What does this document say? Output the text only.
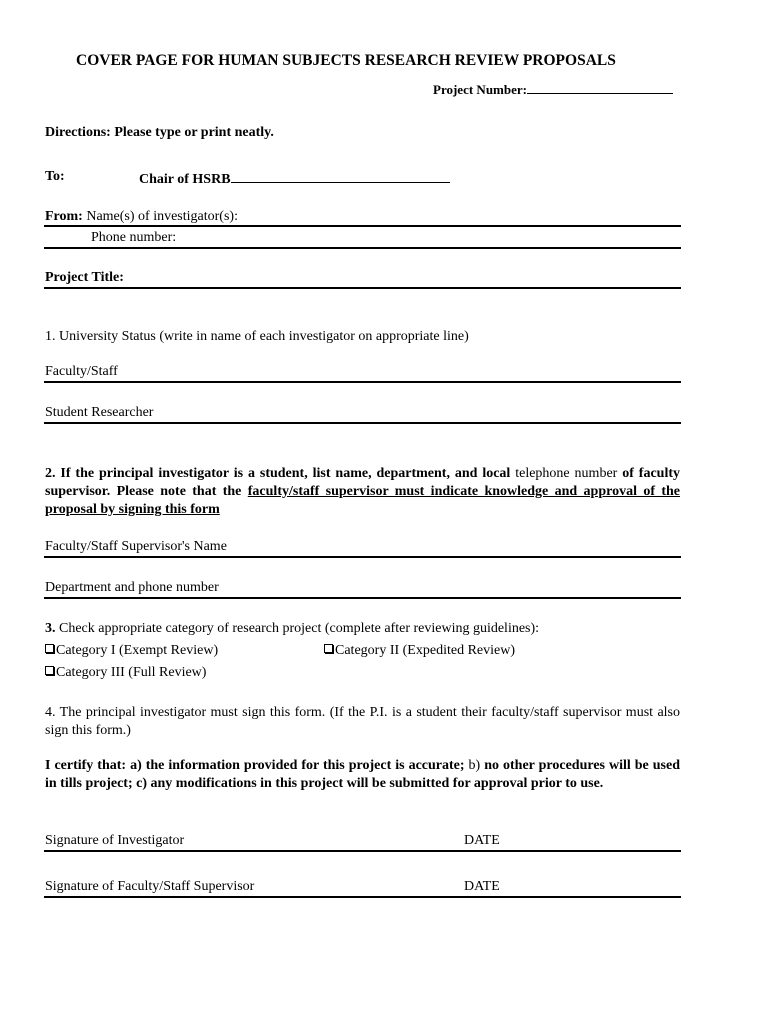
COVER PAGE FOR HUMAN SUBJECTS RESEARCH REVIEW PROPOSALS
Project Number:
Directions: Please type or print neatly.
To:	Chair of HSRB
From: Name(s) of investigator(s):
Phone number:
Project Title:
1. University Status (write in name of each investigator on appropriate line)
Faculty/Staff
Student Researcher
2. If the principal investigator is a student, list name, department, and local telephone number of faculty supervisor. Please note that the faculty/staff supervisor must indicate knowledge and approval of the proposal by signing this form
Faculty/Staff Supervisor's Name
Department and phone number
3. Check appropriate category of research project (complete after reviewing guidelines):
Category I (Exempt Review)	Category II (Expedited Review)
Category III (Full Review)
4. The principal investigator must sign this form. (If the P.I. is a student their faculty/staff supervisor must also sign this form.)
I certify that: a) the information provided for this project is accurate; b) no other procedures will be used in tills project; c) any modifications in this project will be submitted for approval prior to use.
Signature of Investigator	DATE
Signature of Faculty/Staff Supervisor	DATE
